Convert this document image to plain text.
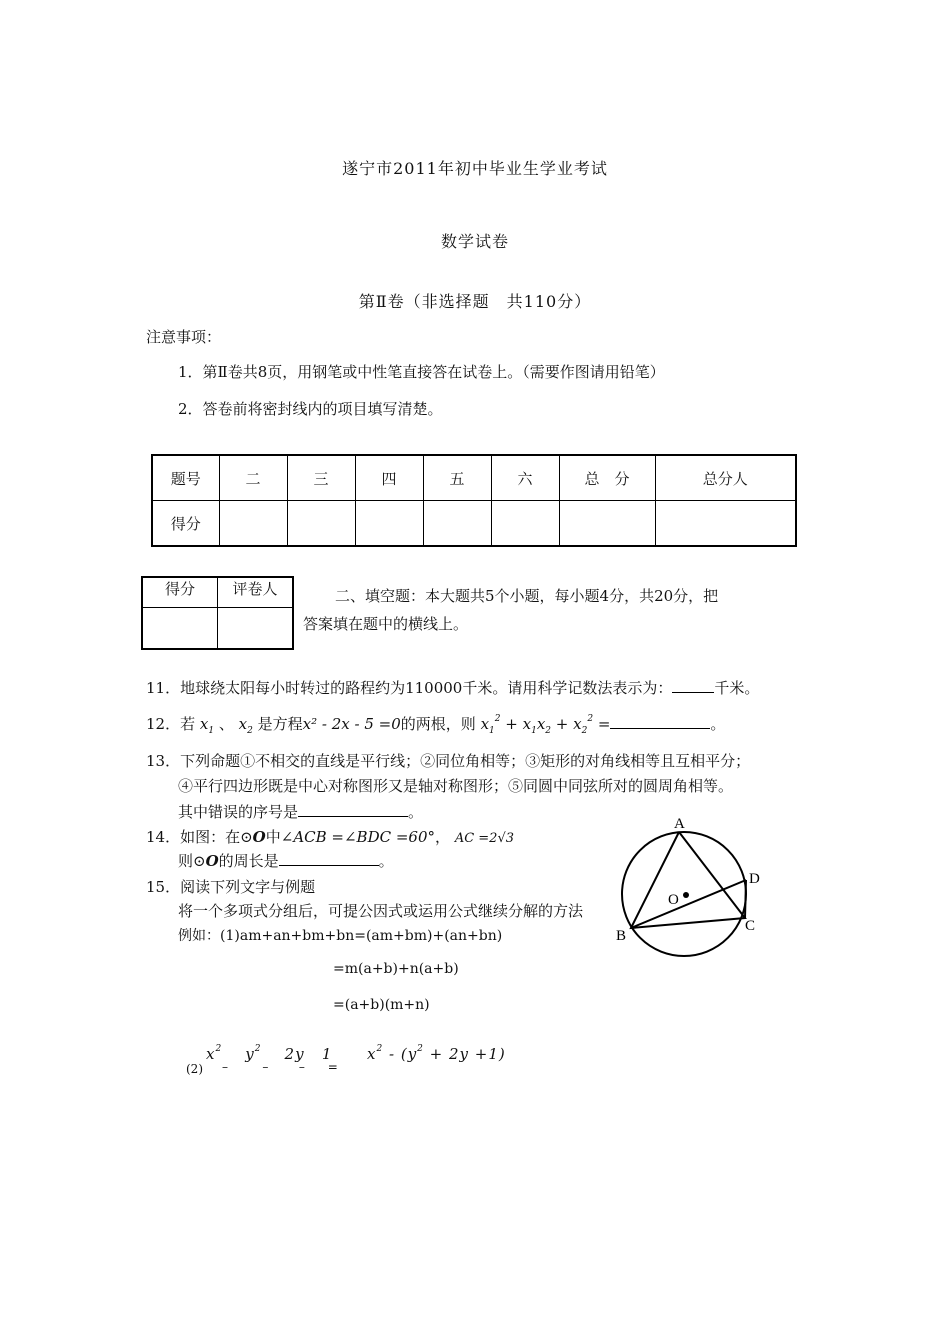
遂宁市2011年初中毕业生学业考试
数学试卷
第Ⅱ卷（非选择题　共110分）
注意事项：
1．第Ⅱ卷共8页，用钢笔或中性笔直接答在试卷上。（需要作图请用铅笔）
2．答卷前将密封线内的项目填写清楚。
题号	二	三	四	五	六	总　分	总分人
得分							
得分	评卷人
		二、填空题：本大题共5个小题，每小题4分，共20分，把
答案填在题中的横线上。
11．地球绕太阳每小时转过的路程约为110000千米。请用科学记数法表示为：	千米。
12．若 $x_1$ 、 $x_2$ 是方程x² - 2x - 5 =0的两根，则 $x_1^2 + x_1x_2 + x_2^2$ =	。
13．下列命题①不相交的直线是平行线；②同位角相等；③矩形的对角线相等且互相平分；
④平行四边形既是中心对称图形又是轴对称图形；⑤同圆中同弦所对的圆周角相等。
其中错误的序号是	。
14．如图：在⊙O中∠ACB =∠BDC =60°， AC =2√3
则⊙O的周长是	。
15．阅读下列文字与例题
将一个多项式分组后，可提公因式或运用公式继续分解的方法
例如：(1)am+an+bm+bn=(am+bm)+(an+bn)
=m(a+b)+n(a+b)
=(a+b)(m+n)
(2)
$x^2$    $y^2$    2y   1      $x^2 - (y^2 + 2y +1)$
–         –        –      =
A
B
C
D
O
